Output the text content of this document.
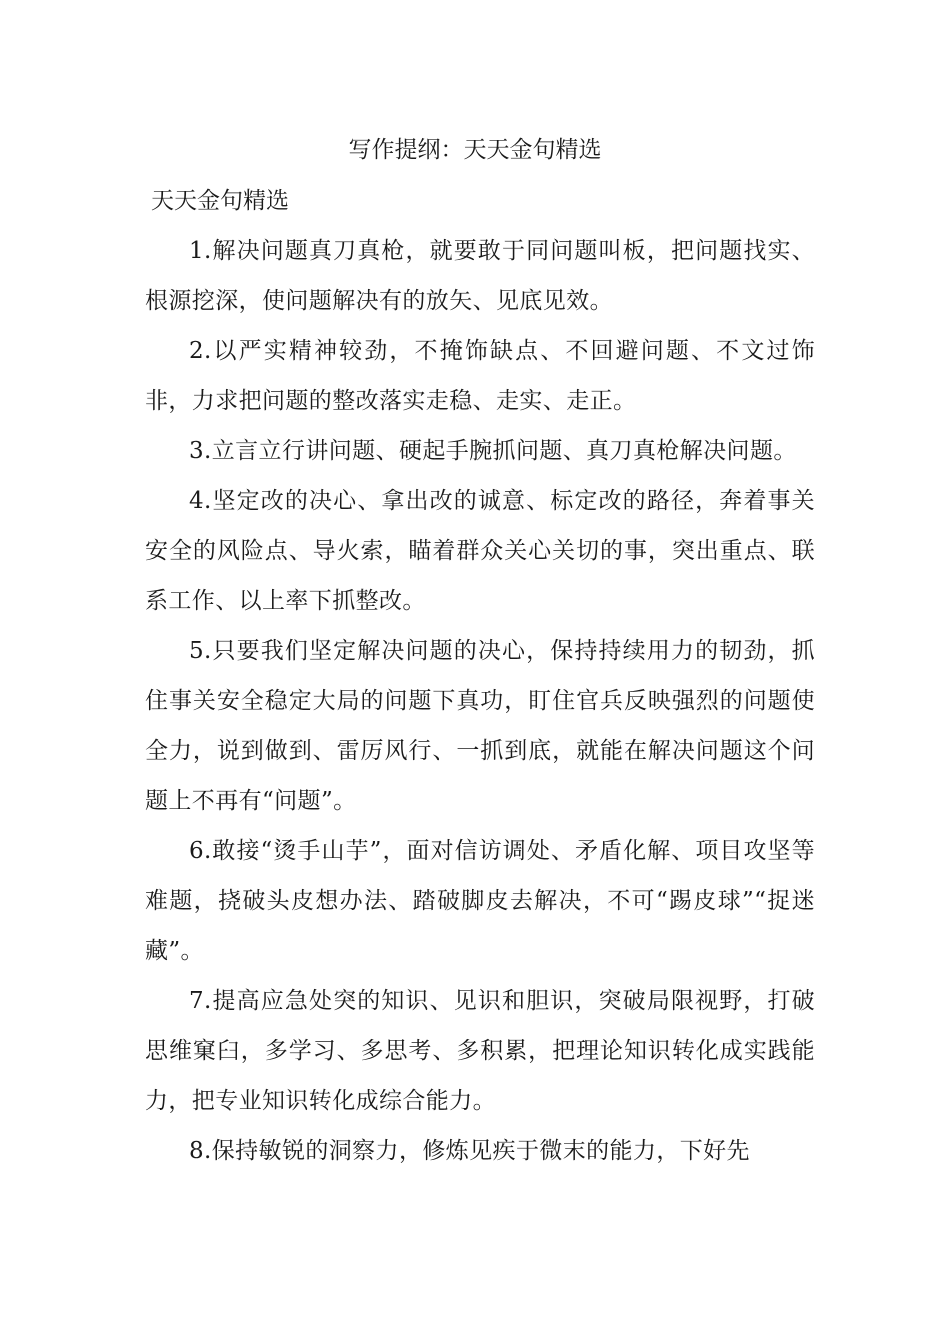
写作提纲：天天金句精选
天天金句精选

1.解决问题真刀真枪，就要敢于同问题叫板，把问题找实、根源挖深，使问题解决有的放矢、见底见效。

2.以严实精神较劲，不掩饰缺点、不回避问题、不文过饰非，力求把问题的整改落实走稳、走实、走正。

3.立言立行讲问题、硬起手腕抓问题、真刀真枪解决问题。

4.坚定改的决心、拿出改的诚意、标定改的路径，奔着事关安全的风险点、导火索，瞄着群众关心关切的事，突出重点、联系工作、以上率下抓整改。

5.只要我们坚定解决问题的决心，保持持续用力的韧劲，抓住事关安全稳定大局的问题下真功，盯住官兵反映强烈的问题使全力，说到做到、雷厉风行、一抓到底，就能在解决问题这个问题上不再有“问题”。

6.敢接“烫手山芋”，面对信访调处、矛盾化解、项目攻坚等难题，挠破头皮想办法、踏破脚皮去解决，不可“踢皮球”“捉迷藏”。

7.提高应急处突的知识、见识和胆识，突破局限视野，打破思维窠臼，多学习、多思考、多积累，把理论知识转化成实践能力，把专业知识转化成综合能力。

8.保持敏锐的洞察力，修炼见疾于微末的能力，下好先
